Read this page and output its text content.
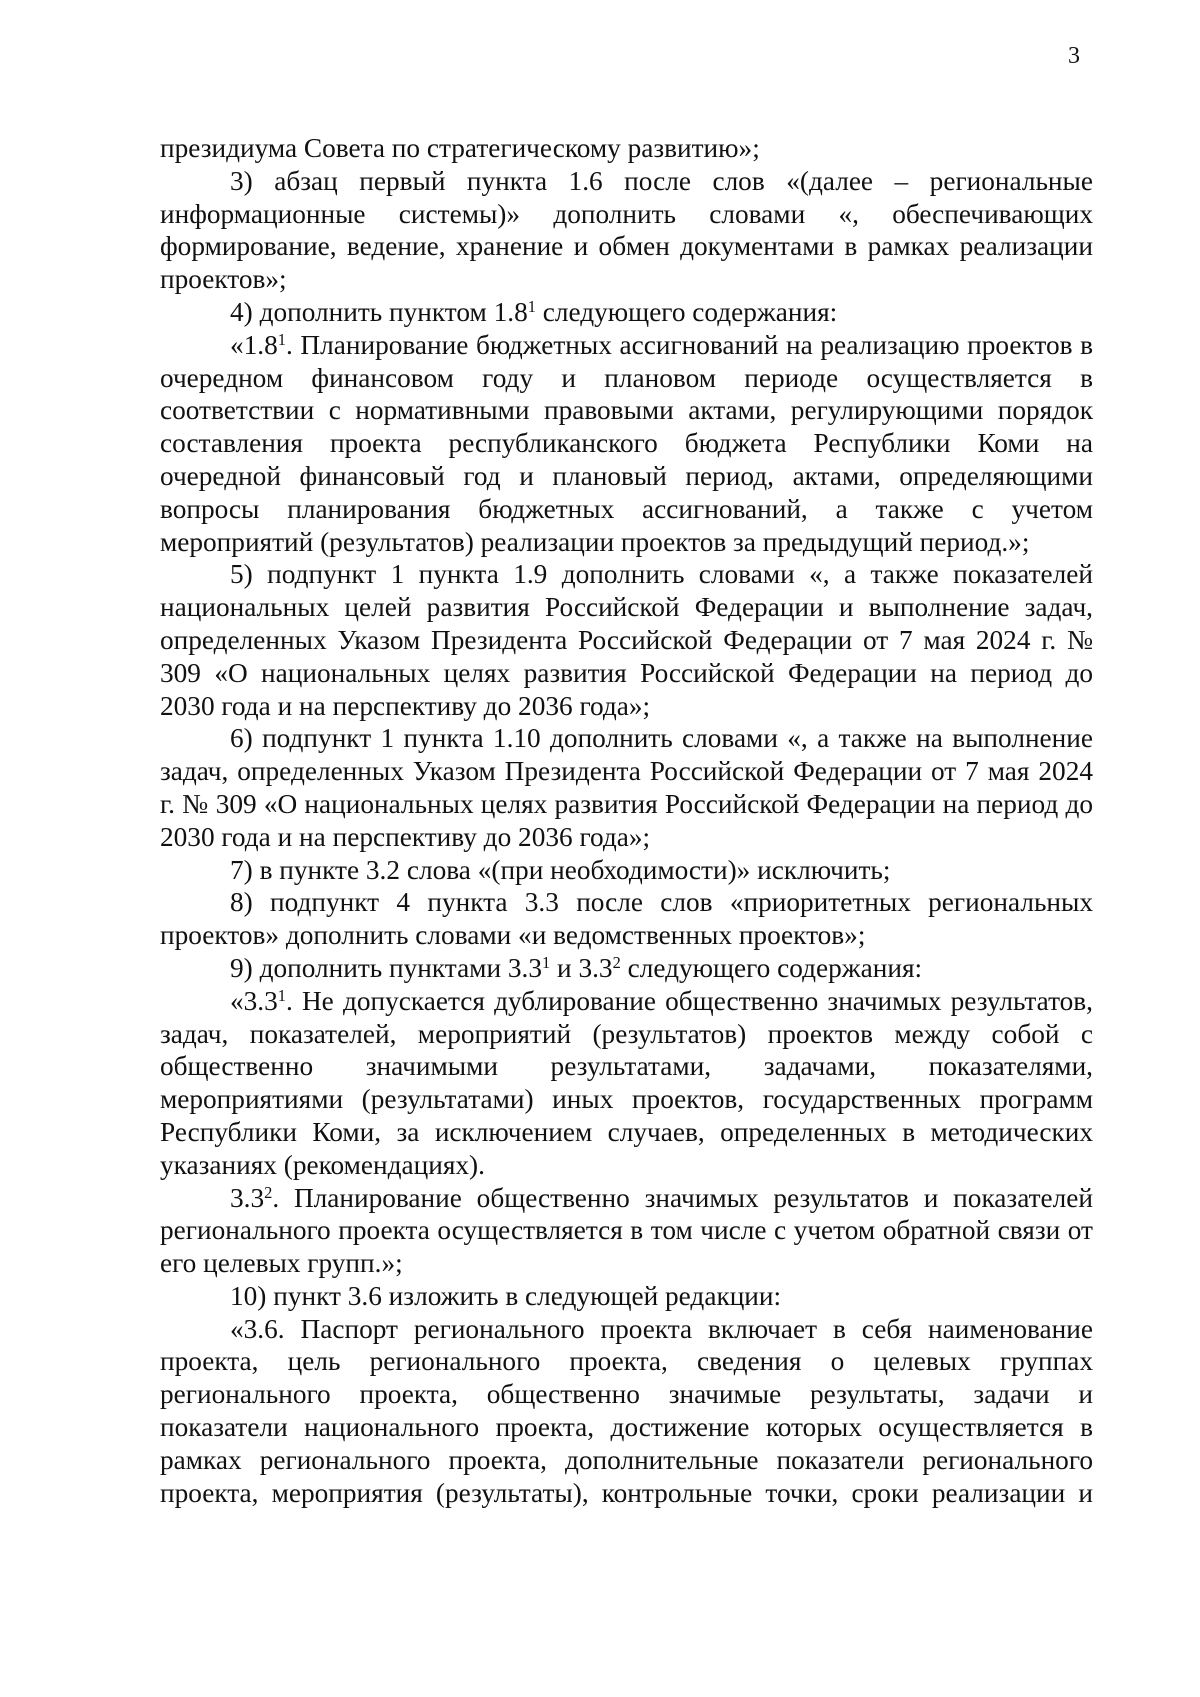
3

президиума Совета по стратегическому развитию»;

3) абзац первый пункта 1.6 после слов «(далее – региональные информационные системы)» дополнить словами «, обеспечивающих формирование, ведение, хранение и обмен документами в рамках реализации проектов»;

4) дополнить пунктом $1.8^1$ следующего содержания:

«$1.8^1$. Планирование бюджетных ассигнований на реализацию проектов в очередном финансовом году и плановом периоде осуществляется в соответствии с нормативными правовыми актами, регулирующими порядок составления проекта республиканского бюджета Республики Коми на очередной финансовый год и плановый период, актами, определяющими вопросы планирования бюджетных ассигнований, а также с учетом мероприятий (результатов) реализации проектов за предыдущий период.»;

5) подпункт 1 пункта 1.9 дополнить словами «, а также показателей национальных целей развития Российской Федерации и выполнение задач, определенных Указом Президента Российской Федерации от 7 мая 2024 г. № 309 «О национальных целях развития Российской Федерации на период до 2030 года и на перспективу до 2036 года»;

6) подпункт 1 пункта 1.10 дополнить словами «, а также на выполнение задач, определенных Указом Президента Российской Федерации от 7 мая 2024 г. № 309 «О национальных целях развития Российской Федерации на период до 2030 года и на перспективу до 2036 года»;

7) в пункте 3.2 слова «(при необходимости)» исключить;

8) подпункт 4 пункта 3.3 после слов «приоритетных региональных проектов» дополнить словами «и ведомственных проектов»;

9) дополнить пунктами $3.3^1$ и $3.3^2$ следующего содержания:

«$3.3^1$. Не допускается дублирование общественно значимых результатов, задач, показателей, мероприятий (результатов) проектов между собой с общественно значимыми результатами, задачами, показателями, мероприятиями (результатами) иных проектов, государственных программ Республики Коми, за исключением случаев, определенных в методических указаниях (рекомендациях).

$3.3^2$. Планирование общественно значимых результатов и показателей регионального проекта осуществляется в том числе с учетом обратной связи от его целевых групп.»;

10) пункт 3.6 изложить в следующей редакции:

«3.6. Паспорт регионального проекта включает в себя наименование проекта, цель регионального проекта, сведения о целевых группах регионального проекта, общественно значимые результаты, задачи и показатели национального проекта, достижение которых осуществляется в рамках регионального проекта, дополнительные показатели регионального проекта, мероприятия (результаты), контрольные точки, сроки реализации и
